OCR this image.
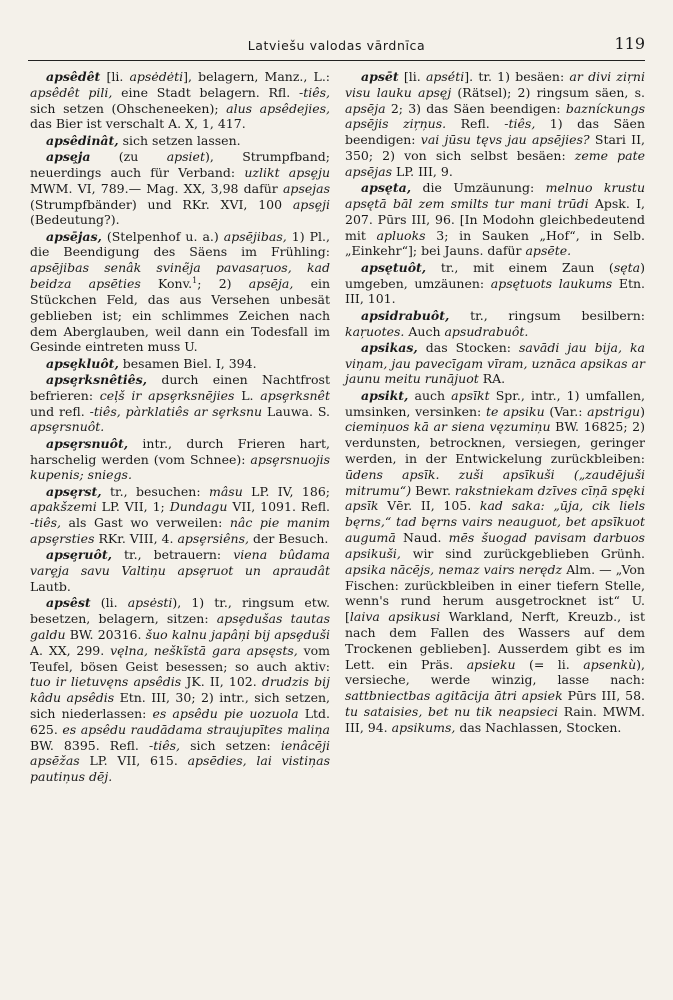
Latviešu valodas vārdnīca	119

apsêdêt [li. apsėdėti], belagern, Manz., L.: apsêdêt pili, eine Stadt belagern. Rfl. -tiês, sich setzen (Ohscheneeken); alus apsêdejies, das Bier ist verschalt A. X, 1, 417.

apsêdinât, sich setzen lassen.

apsȩja (zu apsiet), Strumpfband; neuerdings auch für Verband: uzlikt apsȩju MWM. VI, 789.— Mag. XX, 3,98 dafür apsejas (Strumpfbänder) und RKr. XVI, 100 apsȩji (Bedeutung?).

apsējas, (Stelpenhof u. a.) apsējibas, 1) Pl., die Beendigung des Säens im Frühling: apsējibas senâk svinẽja pavasaŗuos, kad beidza apsēties Konv.$^1$; 2) apsēja, ein Stückchen Feld, das aus Versehen unbesät geblieben ist; ein schlimmes Zeichen nach dem Aberglauben, weil dann ein Todesfall im Gesinde eintreten muss U.

apsȩkluôt, besamen Biel. I, 394.

apsȩrksnêtiês, durch einen Nachtfrost befrieren: ceļš ir apsȩrksnējies L. apsȩrksnêt und refl. -tiês, pàrklatiês ar sȩrksnu Lauwa. S. apsȩrsnuôt.

apsȩrsnuôt, intr., durch Frieren hart, harschelig werden (vom Schnee): apsȩrsnuojis kupenis; sniegs.

apsȩrst, tr., besuchen: mâsu LP. IV, 186; apakšzemi LP. VII, 1; Dundagu VII, 1091. Refl. -tiês, als Gast wo verweilen: nâc pie manim apsȩrsties RKr. VIII, 4. apsȩrsiêns, der Besuch.

apsȩruôt, tr., betrauern: viena bûdama varȩja savu Valtiņu apsȩruot un apraudât Lautb.

apsêst (li. apsėsti), 1) tr., ringsum etw. besetzen, belagern, sitzen: apsȩdušas tautas galdu BW. 20316. šuo kalnu japâņi bij apsȩduši A. XX, 299. vęlna, neškĩstā gara apsęsts, vom Teufel, bösen Geist besessen; so auch aktiv: tuo ir lietuvęns apsêdis JK. II, 102. drudzis bij kâdu apsêdis Etn. III, 30; 2) intr., sich setzen, sich niederlassen: es apsêdu pie uozuola Ltd. 625. es apsêdu raudādama straujupītes maliņa BW. 8395. Refl. -tiês, sich setzen: ienâcēji apsēžas LP. VII, 615. apsēdies, lai vistiņas pautiņus dēj.

apsēt [li. apsė́ti]. tr. 1) besäen: ar divi ziŗni visu lauku apsęj (Rätsel); 2) ringsum säen, s. apsēja 2; 3) das Säen beendigen: bazníckungs apsējis ziŗņus. Refl. -tiês, 1) das Säen beendigen: vai jūsu tęvs jau apsējies? Stari II, 350; 2) von sich selbst besäen: zeme pate apsējas LP. III, 9.

apsęta, die Umzäunung: melnuo krustu apsętā bāl zem smilts tur mani trūdi Apsk. I, 207. Pūrs III, 96. [In Modohn gleichbedeutend mit apluoks 3; in Sauken „Hof“, in Selb. „Einkehr“]; bei Jauns. dafür apsēte.

apsętuôt, tr., mit einem Zaun (sęta) umgeben, umzäunen: apsętuots laukums Etn. III, 101.

apsidrabuôt, tr., ringsum besilbern: kaŗuotes. Auch apsudrabuôt.

apsikas, das Stocken: savādi jau bija, ka viņam, jau pavecīgam vīram, uznāca apsikas ar jaunu meitu runājuot RA.

apsikt, auch apsīkt Spr., intr., 1) umfallen, umsinken, versinken: te apsiku (Var.: apstrigu) ciemiņuos kā ar siena vęzumiņu BW. 16825; 2) verdunsten, betrocknen, versiegen, geringer werden, in der Entwickelung zurückbleiben: ūdens apsīk. zuši apsīkuši („zaudējuši mitrumu“) Bewr. rakstniekam dzīves cīņā spęki apsīk Vēr. II, 105. kad saka: „ūja, cik liels bęrns,“ tad bęrns vairs neauguot, bet apsīkuot augumā Naud. mēs šuogad pavisam darbuos apsikuši, wir sind zurückgeblieben Grünh. apsika nācējs, nemaz vairs nerędz Alm. — „Von Fischen: zurückbleiben in einer tiefern Stelle, wenn's rund herum ausgetrocknet ist“ U. [laiva apsikusi Warkland, Nerft, Kreuzb., ist nach dem Fallen des Wassers auf dem Trockenen geblieben]. Ausserdem gibt es im Lett. ein Präs. apsieku (= li. apsenkù), versieche, werde winzig, lasse nach: sattbniectbas agitācija ātri apsiek Pūrs III, 58. tu sataisies, bet nu tik neapsieci Rain. MWM. III, 94. apsikums, das Nachlassen, Stocken.
